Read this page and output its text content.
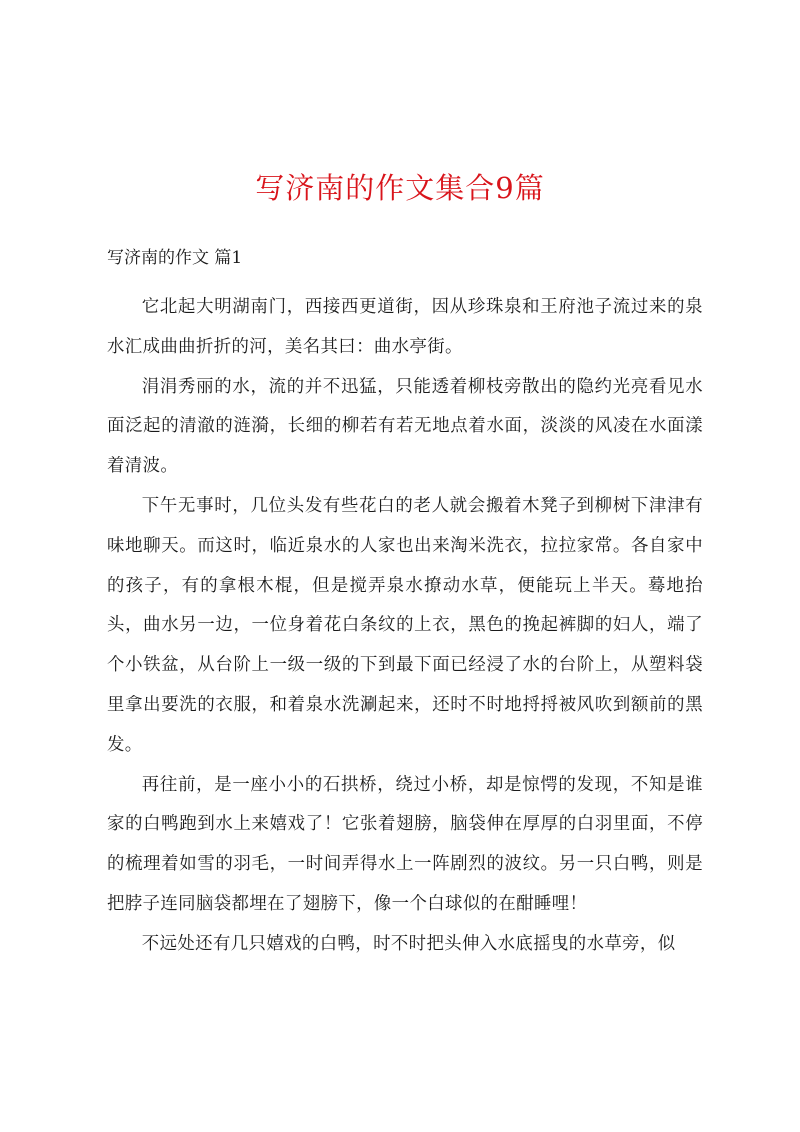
写济南的作文集合9篇

写济南的作文 篇1

它北起大明湖南门，西接西更道街，因从珍珠泉和王府池子流过来的泉水汇成曲曲折折的河，美名其曰：曲水亭街。

涓涓秀丽的水，流的并不迅猛，只能透着柳枝旁散出的隐约光亮看见水面泛起的清澈的涟漪，长细的柳若有若无地点着水面，淡淡的风凌在水面漾着清波。

下午无事时，几位头发有些花白的老人就会搬着木凳子到柳树下津津有味地聊天。而这时，临近泉水的人家也出来淘米洗衣，拉拉家常。各自家中的孩子，有的拿根木棍，但是搅弄泉水撩动水草，便能玩上半天。蓦地抬头，曲水另一边，一位身着花白条纹的上衣，黑色的挽起裤脚的妇人，端了个小铁盆，从台阶上一级一级的下到最下面已经浸了水的台阶上，从塑料袋里拿出要洗的衣服，和着泉水洗涮起来，还时不时地捋捋被风吹到额前的黑发。

再往前，是一座小小的石拱桥，绕过小桥，却是惊愕的发现，不知是谁家的白鸭跑到水上来嬉戏了！它张着翅膀，脑袋伸在厚厚的白羽里面，不停的梳理着如雪的羽毛，一时间弄得水上一阵剧烈的波纹。另一只白鸭，则是把脖子连同脑袋都埋在了翅膀下，像一个白球似的在酣睡哩！

不远处还有几只嬉戏的白鸭，时不时把头伸入水底摇曳的水草旁，似
